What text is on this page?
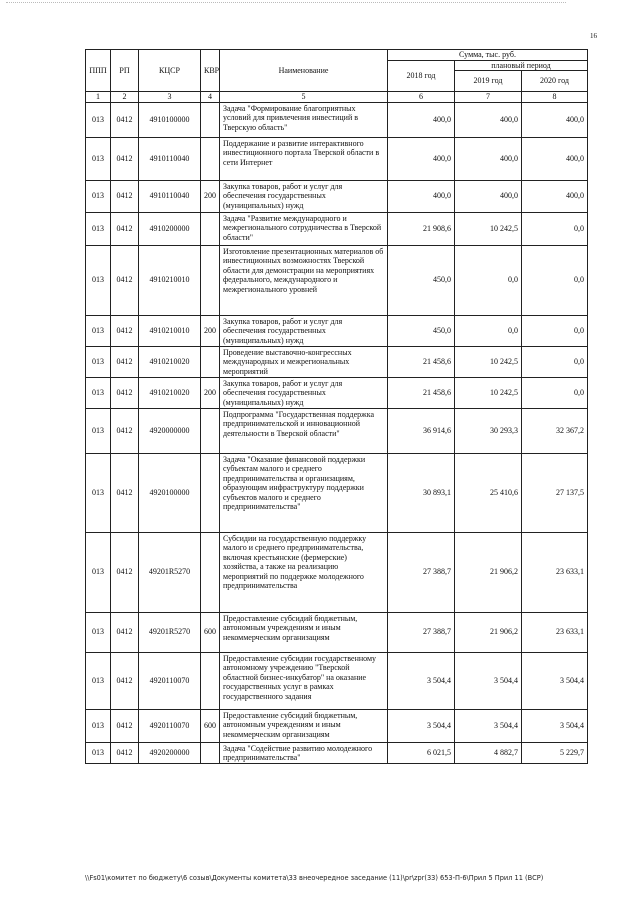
16
ППП	РП	КЦСР	КВР	Наименование	Сумма, тыс. руб.		
					2018 год	плановый период	
						2019 год	2020 год
1	2	3	4	5	6	7	8
013	0412	4910100000		Задача "Формирование благоприятных условий для привлечения инвестиций в Тверскую область"	400,0	400,0	400,0
013	0412	4910110040		Поддержание и развитие интерактивного инвестиционного портала Тверской области в сети Интернет	400,0	400,0	400,0
013	0412	4910110040	200	Закупка товаров, работ и услуг для обеспечения государственных (муниципальных) нужд	400,0	400,0	400,0
013	0412	4910200000		Задача "Развитие международного и межрегионального сотрудничества в Тверской области"	21 908,6	10 242,5	0,0
013	0412	4910210010		Изготовление презентационных материалов об инвестиционных возможностях Тверской области для демонстрации на мероприятиях федерального, международного и межрегионального уровней	450,0	0,0	0,0
013	0412	4910210010	200	Закупка товаров, работ и услуг для обеспечения государственных (муниципальных) нужд	450,0	0,0	0,0
013	0412	4910210020		Проведение выставочно-конгрессных международных и межрегиональных мероприятий	21 458,6	10 242,5	0,0
013	0412	4910210020	200	Закупка товаров, работ и услуг для обеспечения государственных (муниципальных) нужд	21 458,6	10 242,5	0,0
013	0412	4920000000		Подпрограмма "Государственная поддержка предпринимательской и инновационной деятельности в Тверской области"	36 914,6	30 293,3	32 367,2
013	0412	4920100000		Задача "Оказание финансовой поддержки субъектам малого и среднего предпринимательства и организациям, образующим инфраструктуру поддержки субъектов малого и среднего предпринимательства"	30 893,1	25 410,6	27 137,5
013	0412	49201R5270		Субсидии на государственную поддержку малого и среднего предпринимательства, включая крестьянские (фермерские) хозяйства, а также на реализацию мероприятий по поддержке молодежного предпринимательства	27 388,7	21 906,2	23 633,1
013	0412	49201R5270	600	Предоставление субсидий бюджетным, автономным учреждениям и иным некоммерческим организациям	27 388,7	21 906,2	23 633,1
013	0412	4920110070		Предоставление субсидии государственному автономному учреждению "Тверской областной бизнес-инкубатор" на оказание государственных услуг в рамках государственного задания	3 504,4	3 504,4	3 504,4
013	0412	4920110070	600	Предоставление субсидий бюджетным, автономным учреждениям и иным некоммерческим организациям	3 504,4	3 504,4	3 504,4
013	0412	4920200000		Задача "Содействие развитию молодежного предпринимательства"	6 021,5	4 882,7	5 229,7
\\Fs01\комитет по бюджету\6 созыв\Документы комитета\33 внеочередное заседание (11)\pr\zpr(33) 653-П-6\Прил 5 Прил 11 (ВСР)
